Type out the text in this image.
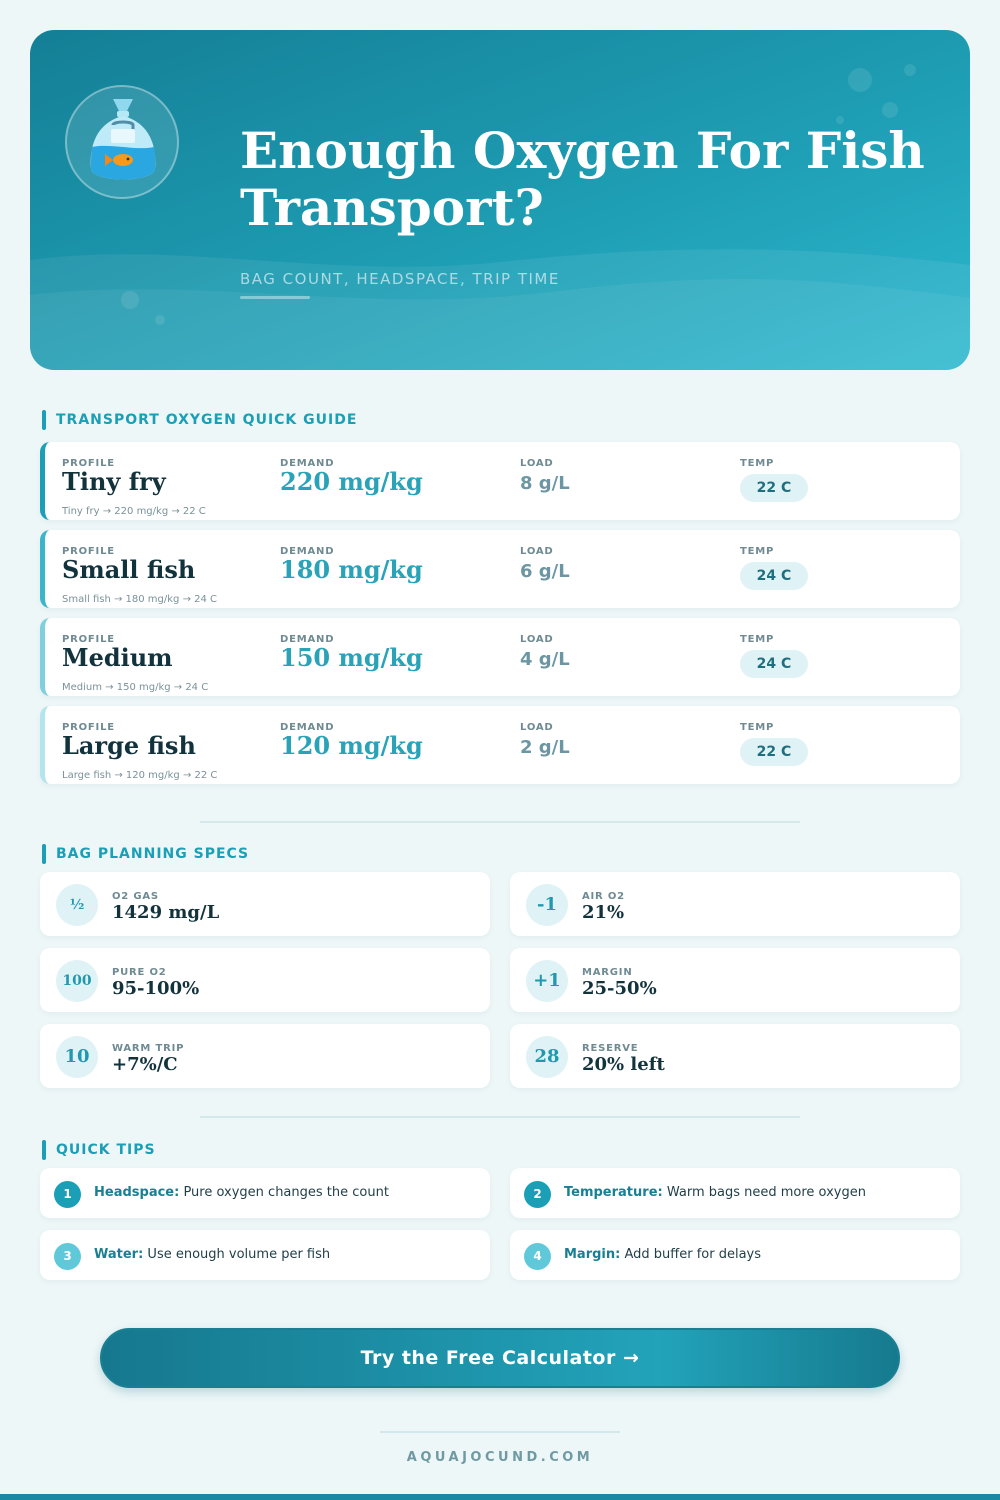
Enough Oxygen For Fish Transport?
BAG COUNT, HEADSPACE, TRIP TIME
TRANSPORT OXYGEN QUICK GUIDE
PROFILE	DEMAND	LOAD	TEMP
Tiny fry	220 mg/kg	8 g/L	22 C
Tiny fry → 220 mg/kg → 22 C
PROFILE	DEMAND	LOAD	TEMP
Small fish	180 mg/kg	6 g/L	24 C
Small fish → 180 mg/kg → 24 C
PROFILE	DEMAND	LOAD	TEMP
Medium	150 mg/kg	4 g/L	24 C
Medium → 150 mg/kg → 24 C
PROFILE	DEMAND	LOAD	TEMP
Large fish	120 mg/kg	2 g/L	22 C
Large fish → 120 mg/kg → 22 C
BAG PLANNING SPECS
½
O2 GAS
1429 mg/L	-1	AIR O2
21%
100
PURE O2
95-100%	+1	MARGIN
25-50%
10	WARM TRIP
+7%/C	28	RESERVE
20% left
QUICK TIPS
1	Headspace: Pure oxygen changes the count	2	Temperature: Warm bags need more oxygen
3	Water: Use enough volume per fish	4	Margin: Add buffer for delays
Try the Free Calculator →
AQUAJOCUND.COM
